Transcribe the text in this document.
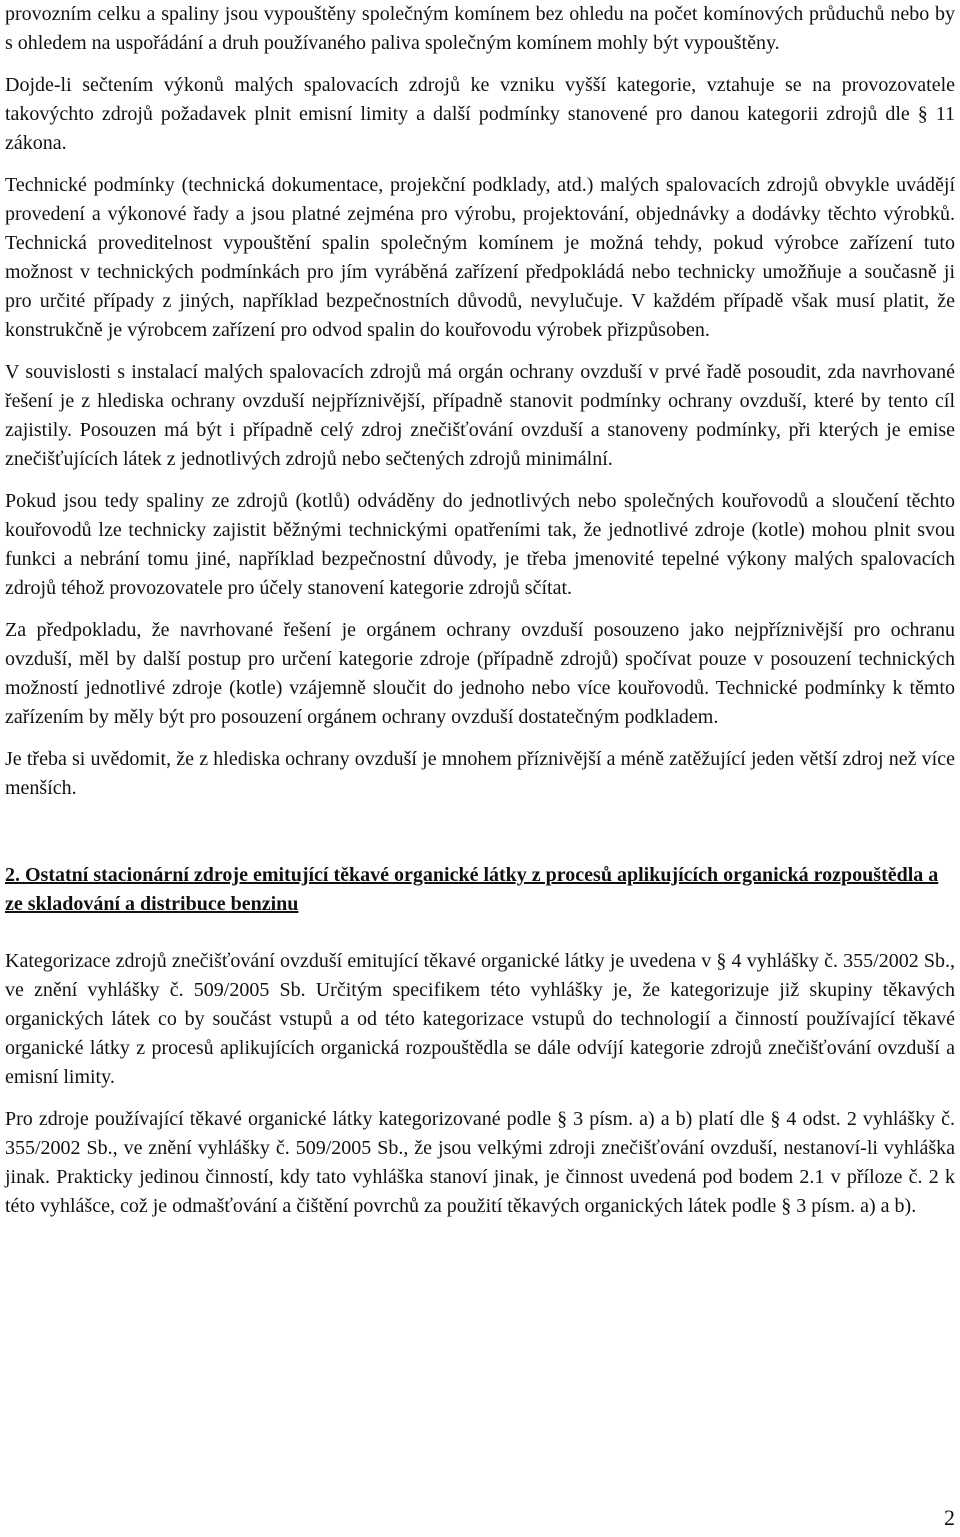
provozním celku a spaliny jsou vypouštěny společným komínem bez ohledu na počet komínových průduchů nebo by s ohledem na uspořádání a druh používaného paliva společným komínem mohly být vypouštěny.

Dojde-li sečtením výkonů malých spalovacích zdrojů ke vzniku vyšší kategorie, vztahuje se na provozovatele takovýchto zdrojů požadavek plnit emisní limity a další podmínky stanovené pro danou kategorii zdrojů dle § 11 zákona.

Technické podmínky (technická dokumentace, projekční podklady, atd.) malých spalovacích zdrojů obvykle uvádějí provedení a výkonové řady a jsou platné zejména pro výrobu, projektování, objednávky a dodávky těchto výrobků. Technická proveditelnost vypouštění spalin společným komínem je možná tehdy, pokud výrobce zařízení tuto možnost v technických podmínkách pro jím vyráběná zařízení předpokládá nebo technicky umožňuje a současně ji pro určité případy z jiných, například bezpečnostních důvodů, nevylučuje. V každém případě však musí platit, že konstrukčně je výrobcem zařízení pro odvod spalin do kouřovodu výrobek přizpůsoben.

V souvislosti s instalací malých spalovacích zdrojů má orgán ochrany ovzduší v prvé řadě posoudit, zda navrhované řešení je z hlediska ochrany ovzduší nejpříznivější, případně stanovit podmínky ochrany ovzduší, které by tento cíl zajistily. Posouzen má být i případně celý zdroj znečišťování ovzduší a stanoveny podmínky, při kterých je emise znečišťujících látek z jednotlivých zdrojů nebo sečtených zdrojů minimální.

Pokud jsou tedy spaliny ze zdrojů (kotlů) odváděny do jednotlivých nebo společných kouřovodů a sloučení těchto kouřovodů lze technicky zajistit běžnými technickými opatřeními tak, že jednotlivé zdroje (kotle) mohou plnit svou funkci a nebrání tomu jiné, například bezpečnostní důvody, je třeba jmenovité tepelné výkony malých spalovacích zdrojů téhož provozovatele pro účely stanovení kategorie zdrojů sčítat.

Za předpokladu, že navrhované řešení je orgánem ochrany ovzduší posouzeno jako nejpříznivější pro ochranu ovzduší, měl by další postup pro určení kategorie zdroje (případně zdrojů) spočívat pouze v posouzení technických možností jednotlivé zdroje (kotle) vzájemně sloučit do jednoho nebo více kouřovodů. Technické podmínky k těmto zařízením by měly být pro posouzení orgánem ochrany ovzduší dostatečným podkladem.

Je třeba si uvědomit, že z hlediska ochrany ovzduší je mnohem příznivější a méně zatěžující jeden větší zdroj než více menších.

2. Ostatní stacionární zdroje emitující těkavé organické látky z procesů aplikujících organická rozpouštědla a ze skladování a distribuce benzinu

Kategorizace zdrojů znečišťování ovzduší emitující těkavé organické látky je uvedena v § 4 vyhlášky č. 355/2002 Sb., ve znění vyhlášky č. 509/2005 Sb. Určitým specifikem této vyhlášky je, že kategorizuje již skupiny těkavých organických látek co by součást vstupů a od této kategorizace vstupů do technologií a činností používající těkavé organické látky z procesů aplikujících organická rozpouštědla se dále odvíjí kategorie zdrojů znečišťování ovzduší a emisní limity.

Pro zdroje používající těkavé organické látky kategorizované podle § 3 písm. a) a b) platí dle § 4 odst. 2 vyhlášky č. 355/2002 Sb., ve znění vyhlášky č. 509/2005 Sb., že jsou velkými zdroji znečišťování ovzduší, nestanoví-li vyhláška jinak. Prakticky jedinou činností, kdy tato vyhláška stanoví jinak, je činnost uvedená pod bodem 2.1 v příloze č. 2 k této vyhlášce, což je odmašťování a čištění povrchů za použití těkavých organických látek podle § 3 písm. a) a b).

2
